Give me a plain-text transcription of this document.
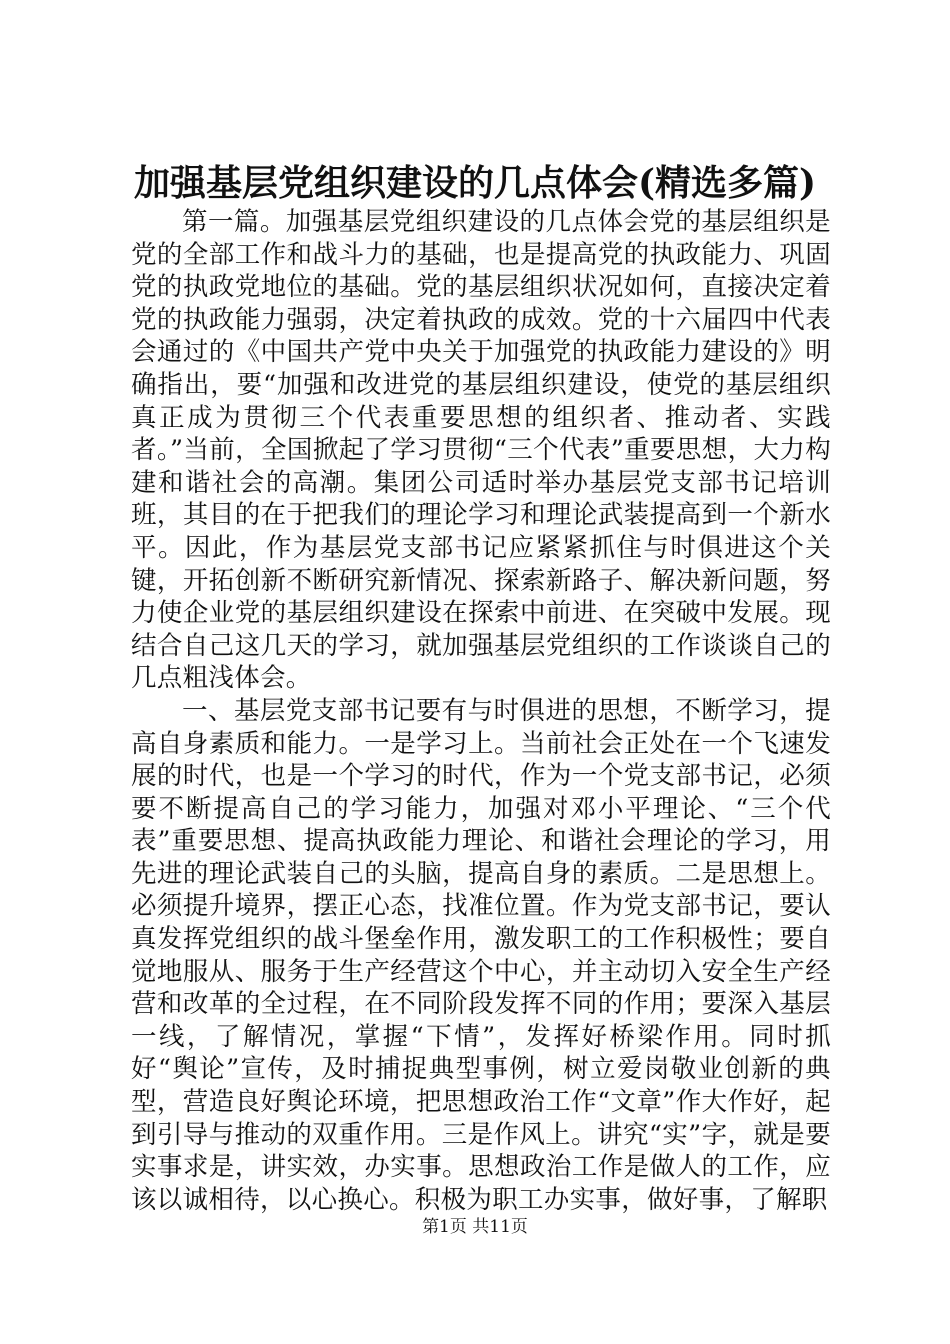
加强基层党组织建设的几点体会(精选多篇)

第一篇。加强基层党组织建设的几点体会党的基层组织是党的全部工作和战斗力的基础，也是提高党的执政能力、巩固党的执政党地位的基础。党的基层组织状况如何，直接决定着党的执政能力强弱，决定着执政的成效。党的十六届四中代表会通过的《中国共产党中央关于加强党的执政能力建设的》明确指出，要“加强和改进党的基层组织建设，使党的基层组织真正成为贯彻三个代表重要思想的组织者、推动者、实践者。”当前，全国掀起了学习贯彻“三个代表”重要思想，大力构建和谐社会的高潮。集团公司适时举办基层党支部书记培训班，其目的在于把我们的理论学习和理论武装提高到一个新水平。因此，作为基层党支部书记应紧紧抓住与时俱进这个关键，开拓创新不断研究新情况、探索新路子、解决新问题，努力使企业党的基层组织建设在探索中前进、在突破中发展。现结合自己这几天的学习，就加强基层党组织的工作谈谈自己的几点粗浅体会。

一、基层党支部书记要有与时俱进的思想，不断学习，提高自身素质和能力。一是学习上。当前社会正处在一个飞速发展的时代，也是一个学习的时代，作为一个党支部书记，必须要不断提高自己的学习能力，加强对邓小平理论、“三个代表”重要思想、提高执政能力理论、和谐社会理论的学习，用先进的理论武装自己的头脑，提高自身的素质。二是思想上。必须提升境界，摆正心态，找准位置。作为党支部书记，要认真发挥党组织的战斗堡垒作用，激发职工的工作积极性；要自觉地服从、服务于生产经营这个中心，并主动切入安全生产经营和改革的全过程，在不同阶段发挥不同的作用；要深入基层一线，了解情况，掌握“下情”，发挥好桥梁作用。同时抓好“舆论”宣传，及时捕捉典型事例，树立爱岗敬业创新的典型，营造良好舆论环境，把思想政治工作“文章”作大作好，起到引导与推动的双重作用。三是作风上。讲究“实”字，就是要实事求是，讲实效，办实事。思想政治工作是做人的工作，应该以诚相待，以心换心。积极为职工办实事，做好事，了解职

第1页 共11页
